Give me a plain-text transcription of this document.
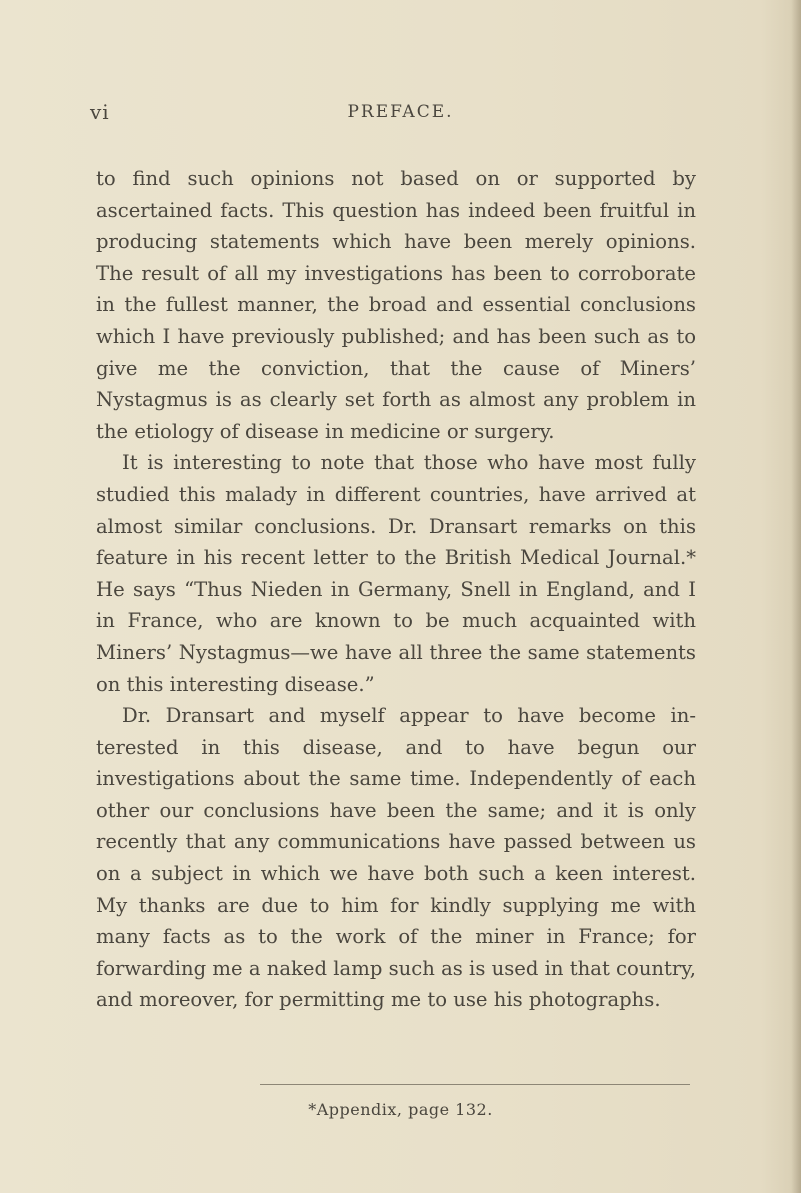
vi	PREFACE.

to find such opinions not based on or supported by ascertained facts. This question has indeed been fruitful in producing statements which have been merely opinions. The result of all my investigations has been to corroborate in the fullest manner, the broad and essential conclusions which I have previously published; and has been such as to give me the conviction, that the cause of Miners’ Nystagmus is as clearly set forth as almost any problem in the etiology of disease in medicine or surgery.

It is interesting to note that those who have most fully studied this malady in different countries, have arrived at almost similar conclusions. Dr. Dransart remarks on this feature in his recent letter to the British Medical Journal.* He says “Thus Nieden in Germany, Snell in England, and I in France, who are known to be much acquainted with Miners’ Nystagmus—we have all three the same statements on this interesting disease.”

Dr. Dransart and myself appear to have become interested in this disease, and to have begun our investigations about the same time. Independently of each other our conclusions have been the same; and it is only recently that any communications have passed between us on a subject in which we have both such a keen interest. My thanks are due to him for kindly supplying me with many facts as to the work of the miner in France; for forwarding me a naked lamp such as is used in that country, and moreover, for permitting me to use his photographs.

*Appendix, page 132.
